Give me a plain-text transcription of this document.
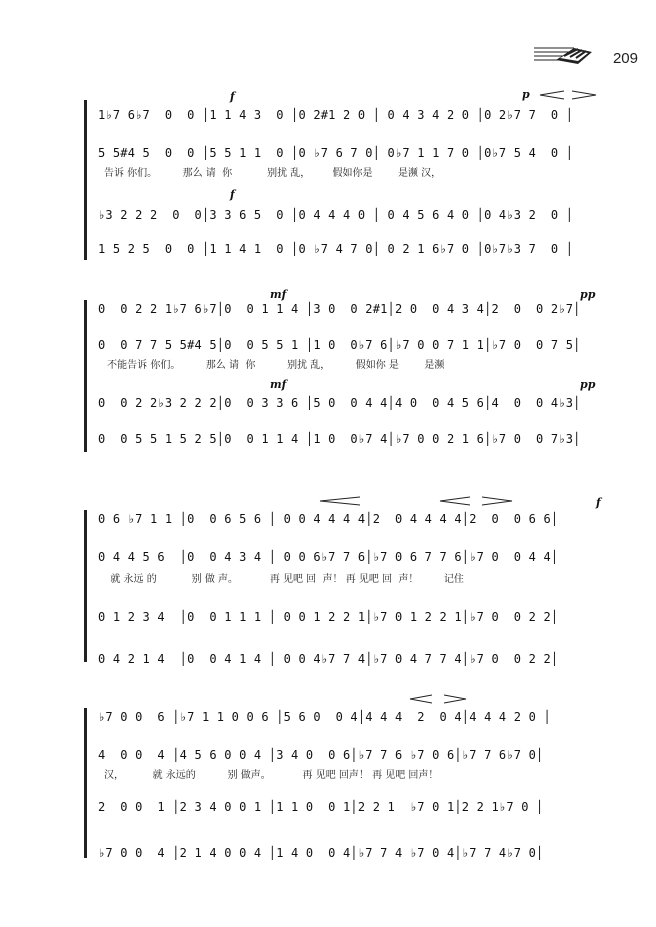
209
f	p
1♭7 6♭7  0  0 │1 1 4 3  0 │0 2#1 2 0 │ 0 4 3 4 2 0 │0 2♭7 7  0 │
5 5#4 5  0  0 │5 5 1 1  0 │0 ♭7 6 7 0│ 0♭7 1 1 7 0 │0♭7 5 4  0 │
告诉 你们。        那么 请  你           别扰 乱，       假如你是        是濒 汉，
f
♭3 2 2 2  0  0│3 3 6 5  0 │0 4 4 4 0 │ 0 4 5 6 4 0 │0 4♭3 2  0 │
1 5 2 5  0  0 │1 1 4 1  0 │0 ♭7 4 7 0│ 0 2 1 6♭7 0 │0♭7♭3 7  0 │
mf	pp
0  0 2 2 1♭7 6♭7│0  0 1 1 4 │3 0  0 2#1│2 0  0 4 3 4│2  0  0 2♭7│
0  0 7 7 5 5#4 5│0  0 5 5 1 │1 0  0♭7 6│♭7 0 0 7 1 1│♭7 0  0 7 5│
不能告诉 你们。        那么 请  你          别扰 乱，        假如你 是        是濒
mf	pp
0  0 2 2♭3 2 2 2│0  0 3 3 6 │5 0  0 4 4│4 0  0 4 5 6│4  0  0 4♭3│
0  0 5 5 1 5 2 5│0  0 1 1 4 │1 0  0♭7 4│♭7 0 0 2 1 6│♭7 0  0 7♭3│
f
0 6 ♭7 1 1 │0  0 6 5 6 │ 0 0 4 4 4 4│2  0 4 4 4 4│2  0  0 6 6│
0 4 4 5 6  │0  0 4 3 4 │ 0 0 6♭7 7 6│♭7 0 6 7 7 6│♭7 0  0 4 4│
就 永远 的           别 做 声。          再 见吧 回  声！ 再 见吧 回  声！        记住
0 1 2 3 4  │0  0 1 1 1 │ 0 0 1 2 2 1│♭7 0 1 2 2 1│♭7 0  0 2 2│
0 4 2 1 4  │0  0 4 1 4 │ 0 0 4♭7 7 4│♭7 0 4 7 7 4│♭7 0  0 2 2│
♭7 0 0  6 │♭7 1 1 0 0 6 │5 6 0  0 4│4 4 4  2  0 4│4 4 4 2 0 │
4  0 0  4 │4 5 6 0 0 4 │3 4 0  0 6│♭7 7 6 ♭7 0 6│♭7 7 6♭7 0│
汉，         就 永远的          别 做声。          再 见吧 回声！ 再 见吧 回声！
2  0 0  1 │2 3 4 0 0 1 │1 1 0  0 1│2 2 1  ♭7 0 1│2 2 1♭7 0 │
♭7 0 0  4 │2 1 4 0 0 4 │1 4 0  0 4│♭7 7 4 ♭7 0 4│♭7 7 4♭7 0│
